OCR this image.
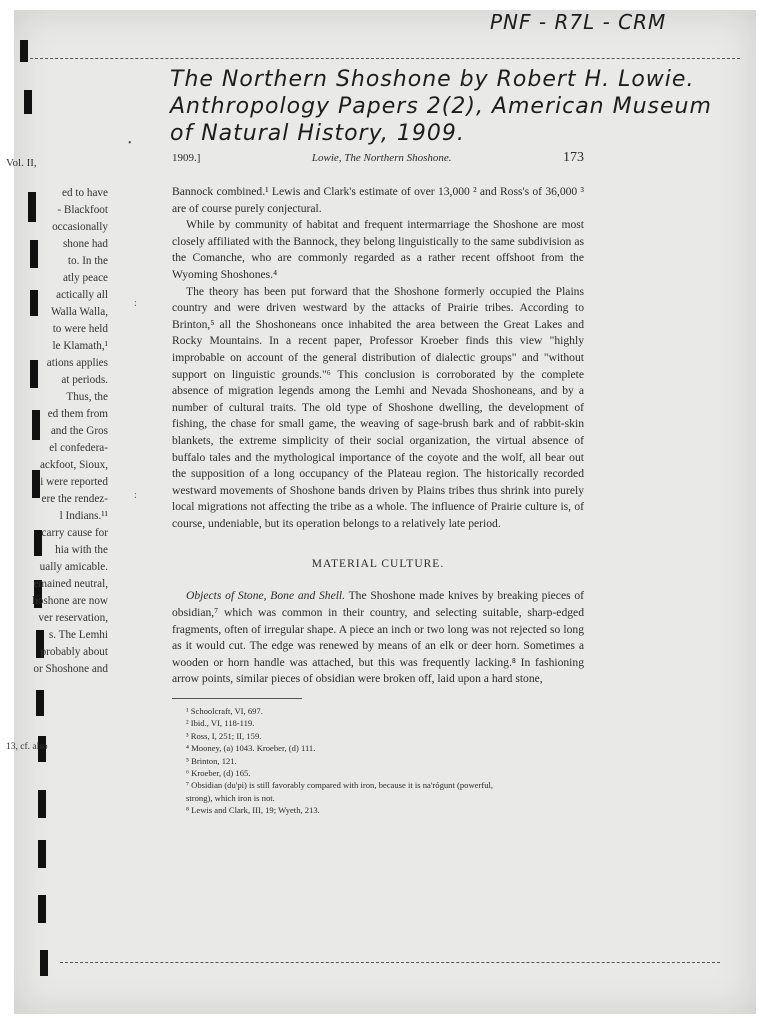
PNF - R7L - CRM
The Northern Shoshone by Robert H. Lowie.
Anthropology Papers 2(2), American Museum
of Natural History, 1909.
Vol. II,
ed to have
- Blackfoot
occasionally
shone had
to. In the
atly peace
actically all
Walla Walla,
to were held
le Klamath,¹
ations applies
at periods.
Thus, the
ed them from
and the Gros
el confedera-
ackfoot, Sioux,
i were reported
ere the rendez-
l Indians.¹¹
carry cause for
hia with the
ually amicable.
emained neutral,
hoshone are now
ver reservation,
s. The Lemhi
probably about
or Shoshone and
13, cf. also
:
:
•
1909.]	Lowie, The Northern Shoshone.	173

Bannock combined.¹ Lewis and Clark's estimate of over 13,000 ² and Ross's of 36,000 ³ are of course purely conjectural.

While by community of habitat and frequent intermarriage the Shoshone are most closely affiliated with the Bannock, they belong linguistically to the same subdivision as the Comanche, who are commonly regarded as a rather recent offshoot from the Wyoming Shoshones.⁴

The theory has been put forward that the Shoshone formerly occupied the Plains country and were driven westward by the attacks of Prairie tribes. According to Brinton,⁵ all the Shoshoneans once inhabited the area between the Great Lakes and Rocky Mountains. In a recent paper, Professor Kroeber finds this view "highly improbable on account of the general distribution of dialectic groups" and "without support on linguistic grounds."⁶ This conclusion is corroborated by the complete absence of migration legends among the Lemhi and Nevada Shoshoneans, and by a number of cultural traits. The old type of Shoshone dwelling, the development of fishing, the chase for small game, the weaving of sage-brush bark and of rabbit-skin blankets, the extreme simplicity of their social organization, the virtual absence of buffalo tales and the mythological importance of the coyote and the wolf, all bear out the supposition of a long occupancy of the Plateau region. The historically recorded westward movements of Shoshone bands driven by Plains tribes thus shrink into purely local migrations not affecting the tribe as a whole. The influence of Prairie culture is, of course, undeniable, but its operation belongs to a relatively late period.

MATERIAL CULTURE.

Objects of Stone, Bone and Shell. The Shoshone made knives by breaking pieces of obsidian,⁷ which was common in their country, and selecting suitable, sharp-edged fragments, often of irregular shape. A piece an inch or two long was not rejected so long as it would cut. The edge was renewed by means of an elk or deer horn. Sometimes a wooden or horn handle was attached, but this was frequently lacking.⁸ In fashioning arrow points, similar pieces of obsidian were broken off, laid upon a hard stone,

¹ Schoolcraft, VI, 697.
² Ibid., VI, 118-119.
³ Ross, I, 251; II, 159.
⁴ Mooney, (a) 1043. Kroeber, (d) 111.
⁵ Brinton, 121.
⁶ Kroeber, (d) 165.
⁷ Obsidian (du'pi) is still favorably compared with iron, because it is na'rógunt (powerful,
strong), which iron is not.
⁸ Lewis and Clark, III, 19; Wyeth, 213.
